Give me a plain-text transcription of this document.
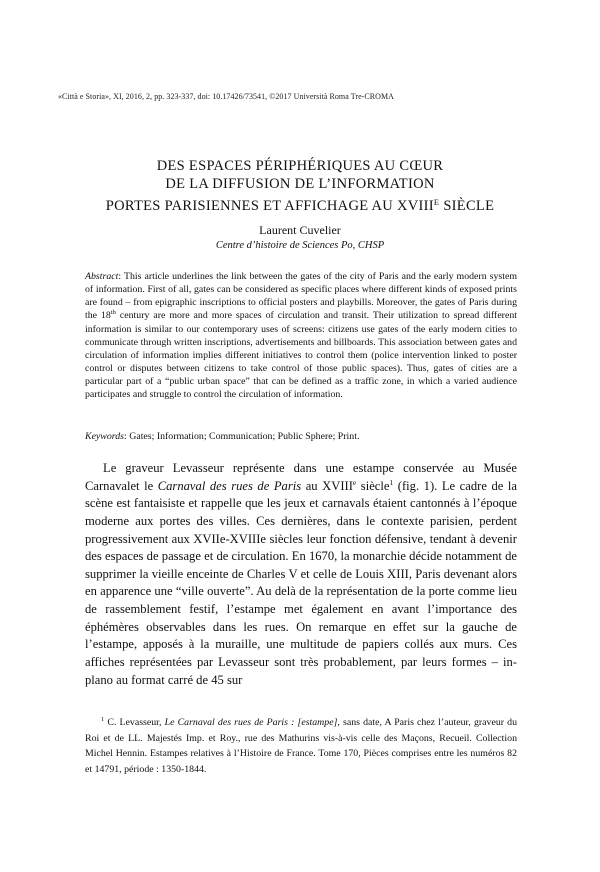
«Città e Storia», XI, 2016, 2, pp. 323-337, doi: 10.17426/73541, ©2017 Università Roma Tre-CROMA
DES ESPACES PÉRIPHÉRIQUES AU CŒUR
DE LA DIFFUSION DE L’INFORMATION
PORTES PARISIENNES ET AFFICHAGE AU $XVIII^E$ SIÈCLE
Laurent Cuvelier
Centre d’histoire de Sciences Po, CHSP
Abstract: This article underlines the link between the gates of the city of Paris and the early modern system of information. First of all, gates can be considered as specific places where different kinds of exposed prints are found – from epigraphic inscriptions to official posters and playbills. Moreover, the gates of Paris during the 18th century are more and more spaces of circulation and transit. Their utilization to spread different information is similar to our contemporary uses of screens: citizens use gates of the early modern cities to communicate through written inscriptions, advertisements and billboards. This association between gates and circulation of information implies different initiatives to control them (police intervention linked to poster control or disputes between citizens to take control of those public spaces). Thus, gates of cities are a particular part of a “public urban space” that can be defined as a traffic zone, in which a varied audience participates and struggle to control the circulation of information.
Keywords: Gates; Information; Communication; Public Sphere; Print.

Le graveur Levasseur représente dans une estampe conservée au Musée Carnavalet le Carnaval des rues de Paris au XVIIIe siècle$^1$ (fig. 1). Le cadre de la scène est fantaisiste et rappelle que les jeux et carnavals étaient cantonnés à l’époque moderne aux portes des villes. Ces dernières, dans le contexte parisien, perdent progressivement aux XVIIe-XVIIIe siècles leur fonction défensive, tendant à devenir des espaces de passage et de circulation. En 1670, la monarchie décide notamment de supprimer la vieille enceinte de Charles V et celle de Louis XIII, Paris devenant alors en apparence une “ville ouverte”. Au delà de la représentation de la porte comme lieu de rassemblement festif, l’estampe met également en avant l’importance des éphémères observables dans les rues. On remarque en effet sur la gauche de l’estampe, apposés à la muraille, une multitude de papiers collés aux murs. Ces affiches représentées par Levasseur sont très probablement, par leurs formes – in-plano au format carré de 45 sur

$^1$ C. Levasseur, Le Carnaval des rues de Paris : [estampe], sans date, A Paris chez l’auteur, graveur du Roi et de LL. Majestés Imp. et Roy., rue des Mathurins vis-à-vis celle des Maçons, Recueil. Collection Michel Hennin. Estampes relatives à l’Histoire de France. Tome 170, Pièces comprises entre les numéros 82 et 14791, période : 1350-1844.
